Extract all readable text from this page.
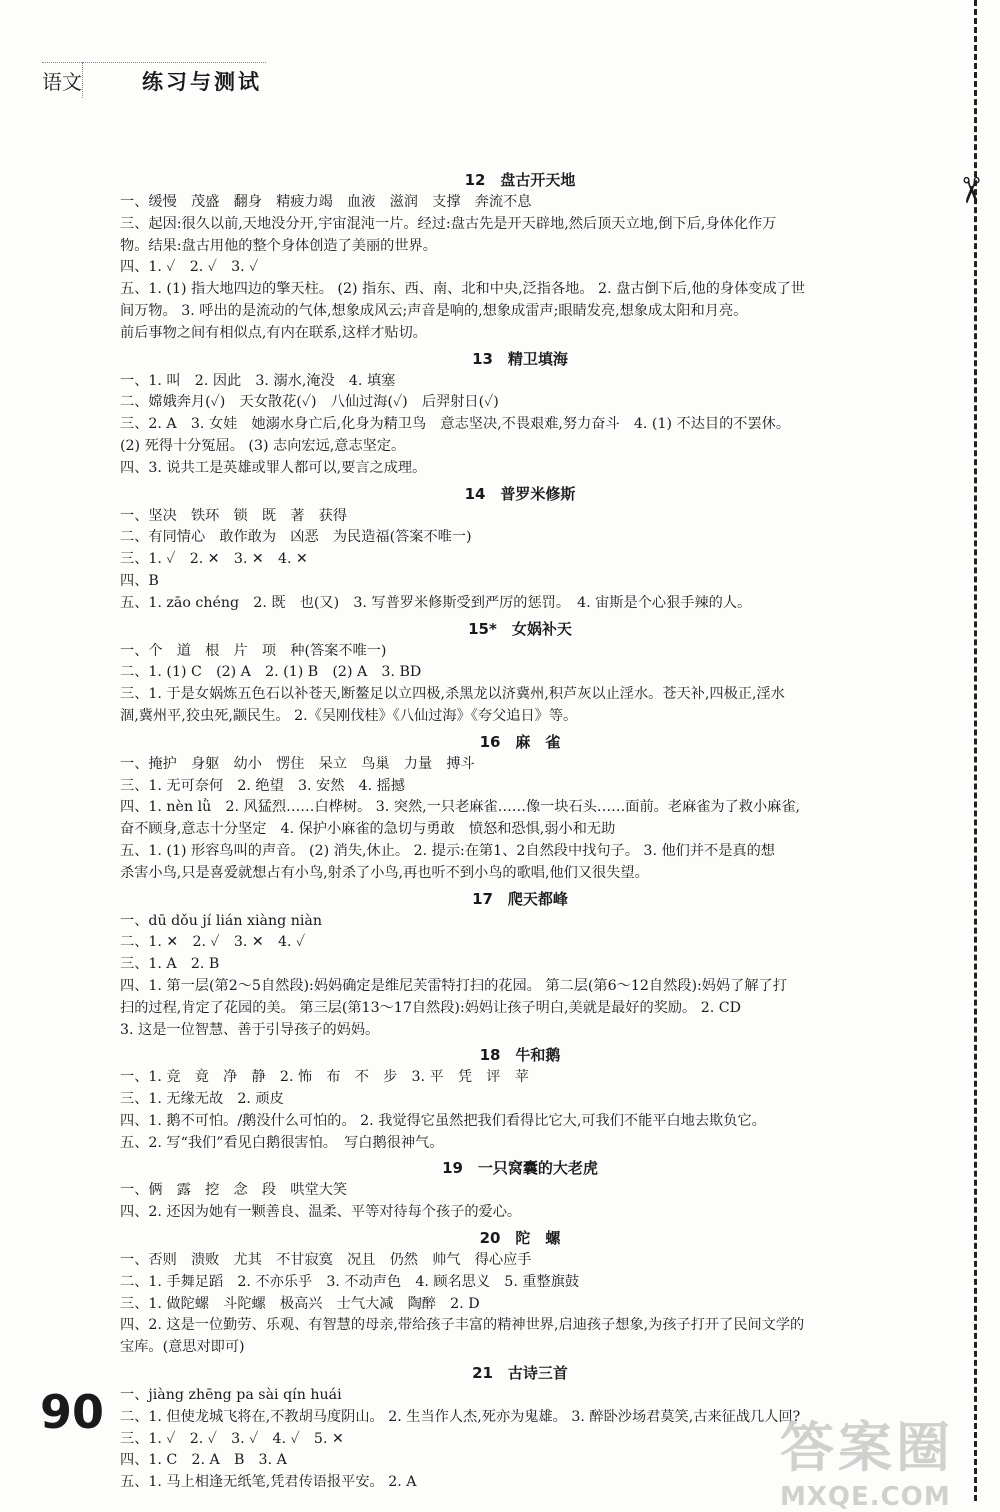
语文	练习与测试
✂
12　盘古开天地
一、缓慢　茂盛　翻身　精疲力竭　血液　滋润　支撑　奔流不息
三、起因:很久以前,天地没分开,宇宙混沌一片。经过:盘古先是开天辟地,然后顶天立地,倒下后,身体化作万
物。结果:盘古用他的整个身体创造了美丽的世界。
四、1. ✓　2. ✓　3. ✓
五、1. (1) 指大地四边的擎天柱。 (2) 指东、西、南、北和中央,泛指各地。 2. 盘古倒下后,他的身体变成了世
间万物。 3. 呼出的是流动的气体,想象成风云;声音是响的,想象成雷声;眼睛发亮,想象成太阳和月亮。
前后事物之间有相似点,有内在联系,这样才贴切。
13　精卫填海
一、1. 叫　2. 因此　3. 溺水,淹没　4. 填塞
二、嫦娥奔月(✓)　天女散花(✓)　八仙过海(✓)　后羿射日(✓)
三、2. A　3. 女娃　她溺水身亡后,化身为精卫鸟　意志坚决,不畏艰难,努力奋斗　4. (1) 不达目的不罢休。
(2) 死得十分冤屈。 (3) 志向宏远,意志坚定。
四、3. 说共工是英雄或罪人都可以,要言之成理。
14　普罗米修斯
一、坚决　铁环　锁　既　著　获得
二、有同情心　敢作敢为　凶恶　为民造福(答案不唯一)
三、1. ✓　2. ✕　3. ✕　4. ✕
四、B
五、1. zāo chéng　2. 既　也(又)　3. 写普罗米修斯受到严厉的惩罚。　4. 宙斯是个心狠手辣的人。
15*　女娲补天
一、个　道　根　片　项　种(答案不唯一)
二、1. (1) C　(2) A　2. (1) B　(2) A　3. BD
三、1. 于是女娲炼五色石以补苍天,断鳌足以立四极,杀黑龙以济冀州,积芦灰以止淫水。苍天补,四极正,淫水
涸,冀州平,狡虫死,颛民生。 2.《吴刚伐桂》《八仙过海》《夸父追日》等。
16　麻　雀
一、掩护　身躯　幼小　愣住　呆立　鸟巢　力量　搏斗
三、1. 无可奈何　2. 绝望　3. 安然　4. 摇撼
四、1. nèn lǜ　2. 风猛烈……白桦树。 3. 突然,一只老麻雀……像一块石头……面前。老麻雀为了救小麻雀,
奋不顾身,意志十分坚定　4. 保护小麻雀的急切与勇敢　愤怒和恐惧,弱小和无助
五、1. (1) 形容鸟叫的声音。 (2) 消失,休止。 2. 提示:在第1、2自然段中找句子。 3. 他们并不是真的想
杀害小鸟,只是喜爱就想占有小鸟,射杀了小鸟,再也听不到小鸟的歌唱,他们又很失望。
17　爬天都峰
一、dū dǒu jí lián xiàng niàn
二、1. ✕　2. ✓　3. ✕　4. ✓
三、1. A　2. B
四、1. 第一层(第2～5自然段):妈妈确定是维尼芙雷特打扫的花园。 第二层(第6～12自然段):妈妈了解了打
扫的过程,肯定了花园的美。 第三层(第13～17自然段):妈妈让孩子明白,美就是最好的奖励。 2. CD
3. 这是一位智慧、善于引导孩子的妈妈。
18　牛和鹅
一、1. 竞　竟　净　静　2. 怖　布　不　步　3. 平　凭　评　苹
三、1. 无缘无故　2. 顽皮
四、1. 鹅不可怕。/鹅没什么可怕的。 2. 我觉得它虽然把我们看得比它大,可我们不能平白地去欺负它。
五、2. 写“我们”看见白鹅很害怕。　写白鹅很神气。
19　一只窝囊的大老虎
一、俩　露　挖　念　段　哄堂大笑
四、2. 还因为她有一颗善良、温柔、平等对待每个孩子的爱心。
20　陀　螺
一、否则　溃败　尤其　不甘寂寞　况且　仍然　帅气　得心应手
二、1. 手舞足蹈　2. 不亦乐乎　3. 不动声色　4. 顾名思义　5. 重整旗鼓
三、1. 做陀螺　斗陀螺　极高兴　士气大减　陶醉　2. D
四、2. 这是一位勤劳、乐观、有智慧的母亲,带给孩子丰富的精神世界,启迪孩子想象,为孩子打开了民间文学的
宝库。(意思对即可)
21　古诗三首
一、jiàng zhēng pa sài qín huái
二、1. 但使龙城飞将在,不教胡马度阴山。 2. 生当作人杰,死亦为鬼雄。 3. 醉卧沙场君莫笑,古来征战几人回?
三、1. ✓　2. ✓　3. ✓　4. ✓　5. ✕
四、1. C　2. A　B　3. A
五、1. 马上相逢无纸笔,凭君传语报平安。 2. A
90
答案圈
MXQE.COM
